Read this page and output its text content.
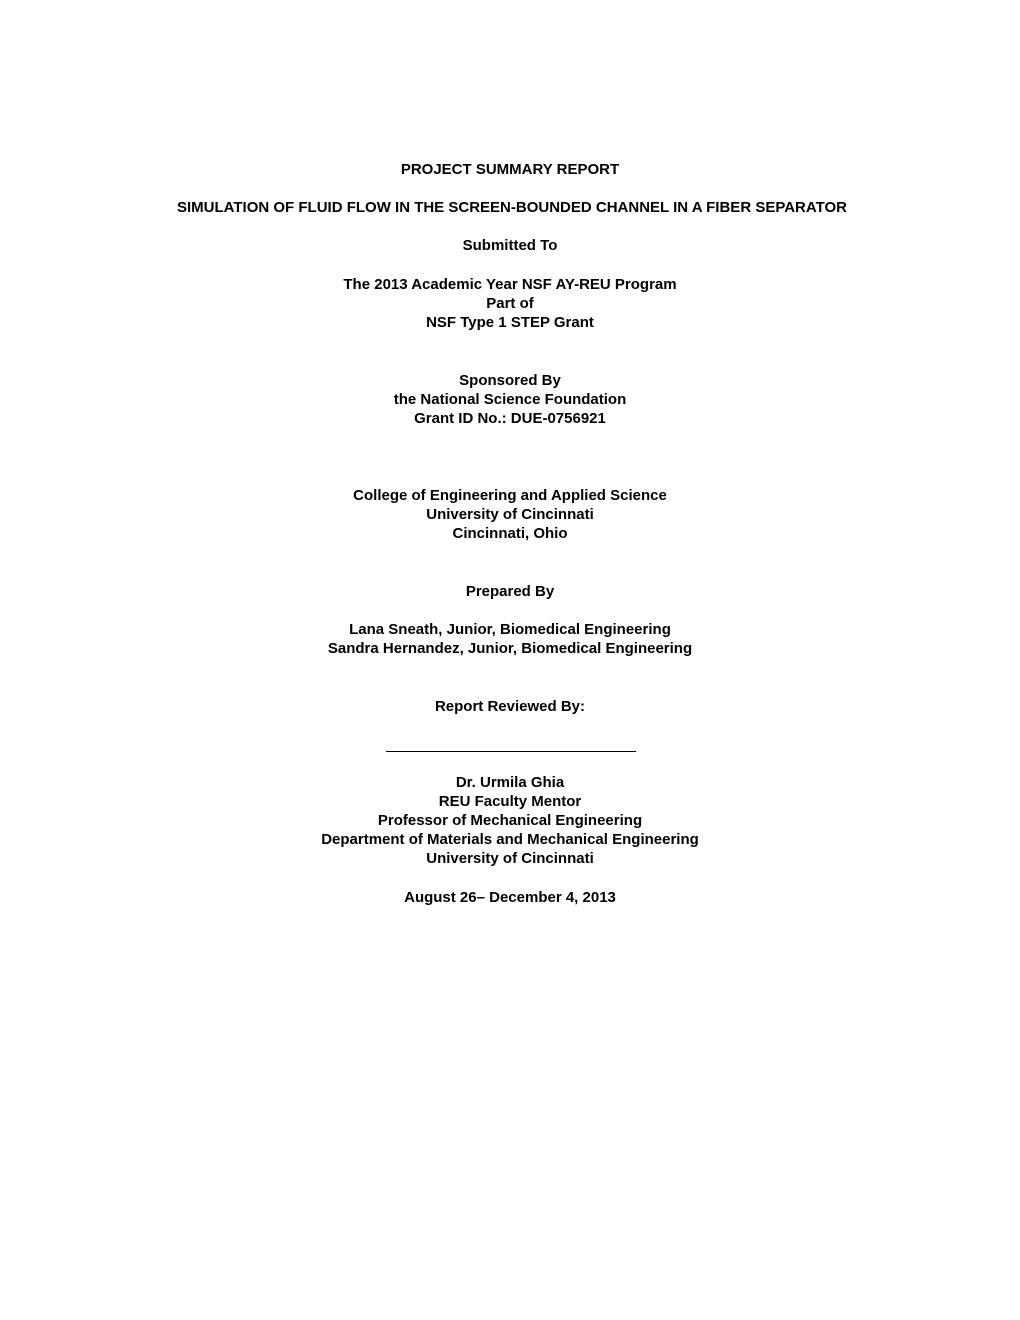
PROJECT SUMMARY REPORT
SIMULATION OF FLUID FLOW IN THE SCREEN-BOUNDED CHANNEL IN A FIBER SEPARATOR
Submitted To
The 2013 Academic Year NSF AY-REU Program
Part of
NSF Type 1 STEP Grant
Sponsored By
the National Science Foundation
Grant ID No.: DUE-0756921
College of Engineering and Applied Science
University of Cincinnati
Cincinnati, Ohio
Prepared By
Lana Sneath, Junior, Biomedical Engineering
Sandra Hernandez, Junior, Biomedical Engineering
Report Reviewed By:
Dr. Urmila Ghia
REU Faculty Mentor
Professor of Mechanical Engineering
Department of Materials and Mechanical Engineering
University of Cincinnati
August 26– December 4, 2013
